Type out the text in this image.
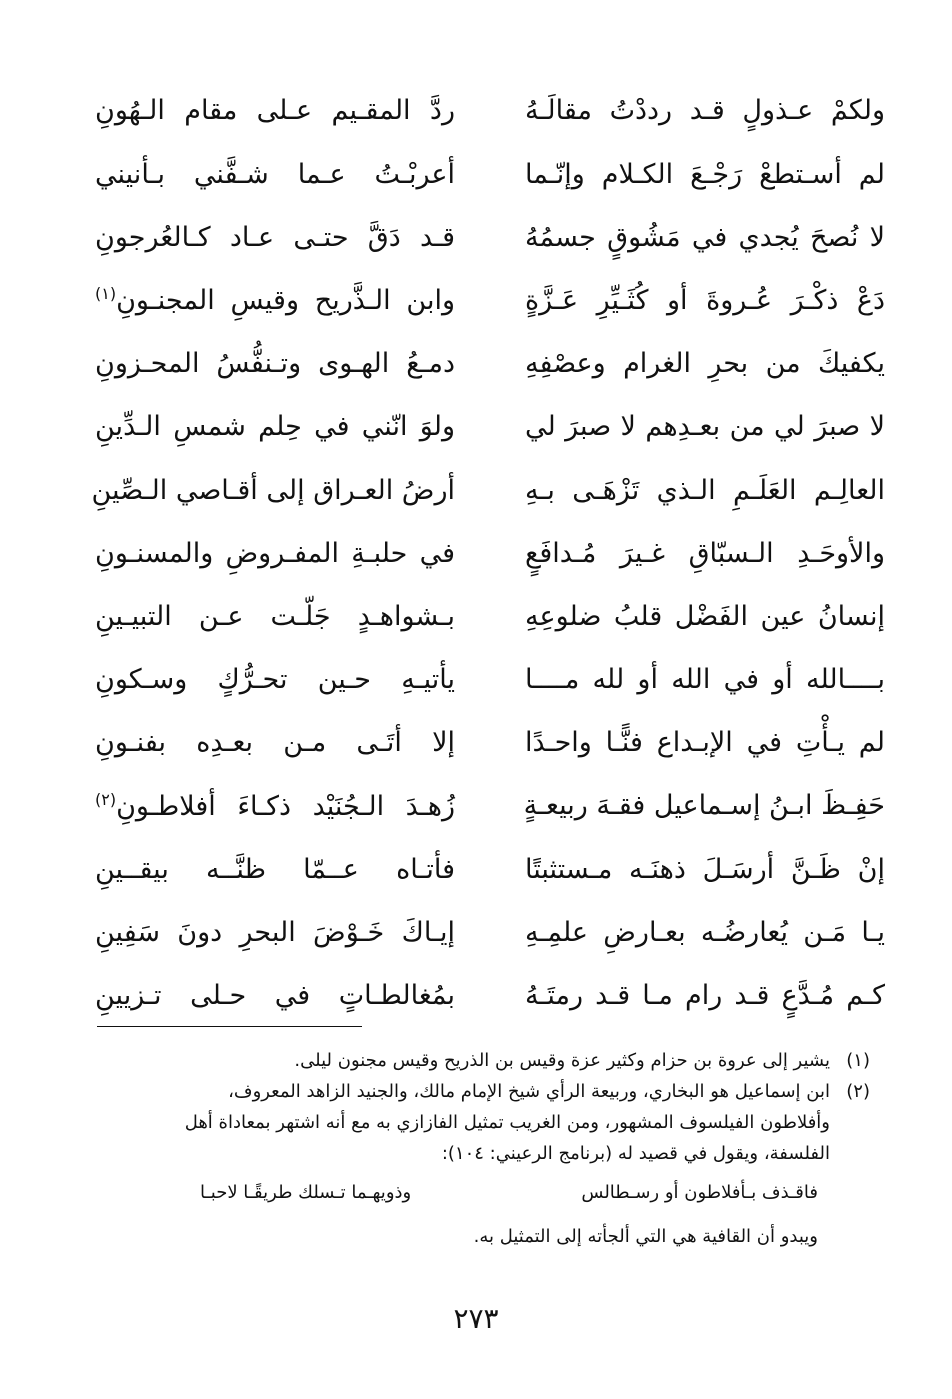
ولكمْ عـذولٍ قـد رددْتُ مقالَـهُ
ردَّ المقـيم عـلى مقام الـهُونِ
لم أسـتطعْ رَجْـعَ الكـلام وإنّـما
أعربْـتُ عـما شـفَّني بـأنيني
لا نُصحَ يُجدي في مَشُوقٍ جسمُهُ
قـد دَقَّ حتـى عـاد كـالعُرجونِ
دَعْ ذكْـرَ عُـروةَ أو كُثَـيِّرِ عَـزَّةٍ
وابن الـذَّريح وقيسِ المجنـونِ$^{(١)}$
يكفيكَ من بحرِ الغرام وعصْفِهِ
دمـعُ الهـوى وتـنفُّسُ المحـزونِ
لا صبرَ لي من بعـدِهم لا صبرَ لي
ولوَ انّني في حِلم شمسِ الـدِّينِ
العالِـم العَلَـمِ الـذي تَزْهَـى بـهِ
أرضُ العـراق إلى أقـاصي الـصِّينِ
والأوحَـدِ الـسبّاقِ غـيرَ مُـدافَعٍ
في حلبـةِ المفـروضِ والمسنـونِ
إنسانُ عين الفَضْل قلبُ ضلوعِهِ
بـشواهـدٍ جَلّـت عـن التبيـينِ
بــــالله أو في الله أو لله مــــا
يأتيـهِ حـين تحـرُّكٍ وسـكونِ
لم يـأْتِ في الإبـداع فنًّـا واحـدًا
إلا أتَـى مـن بعـدِه بفنـونِ
حَفِـظَ ابـنُ إسـماعيل فقـهَ ربيعـةٍ
زُهـدَ الـجُنَيْد ذكـاءَ أفلاطـونِ$^{(٢)}$
إنْ ظَـنَّ أرسَـلَ ذهنَـه مـستثبتًا
فأتـاه عــمّا ظنَّــه بيقــينِ
يـا مَـن يُعارضُـه بعـارضِ علمِـهِ
إيـاكَ خَـوْضَ البحرِ دونَ سَفِينِ
كـم مُـدَّعٍ قـد رام مـا قـد رمتَـهُ
بمُغالطـاتٍ في حـلى تـزيينِ

(١)يشير إلى عروة بن حزام وكثير عزة وقيس بن الذريح وقيس مجنون ليلى.

(٢)ابن إسماعيل هو البخاري، وربيعة الرأي شيخ الإمام مالك، والجنيد الزاهد المعروف،

وأفلاطون الفيلسوف المشهور، ومن الغريب تمثيل الفازازي به مع أنه اشتهر بمعاداة أهل

الفلسفة، ويقول في قصيد له (برنامج الرعيني: ١٠٤):

فاقـذف بـأفلاطون أو رسـطالس
وذويهـما تـسلك طريقًـا لاحبـا

ويبدو أن القافية هي التي ألجأته إلى التمثيل به.

٢٧٣
